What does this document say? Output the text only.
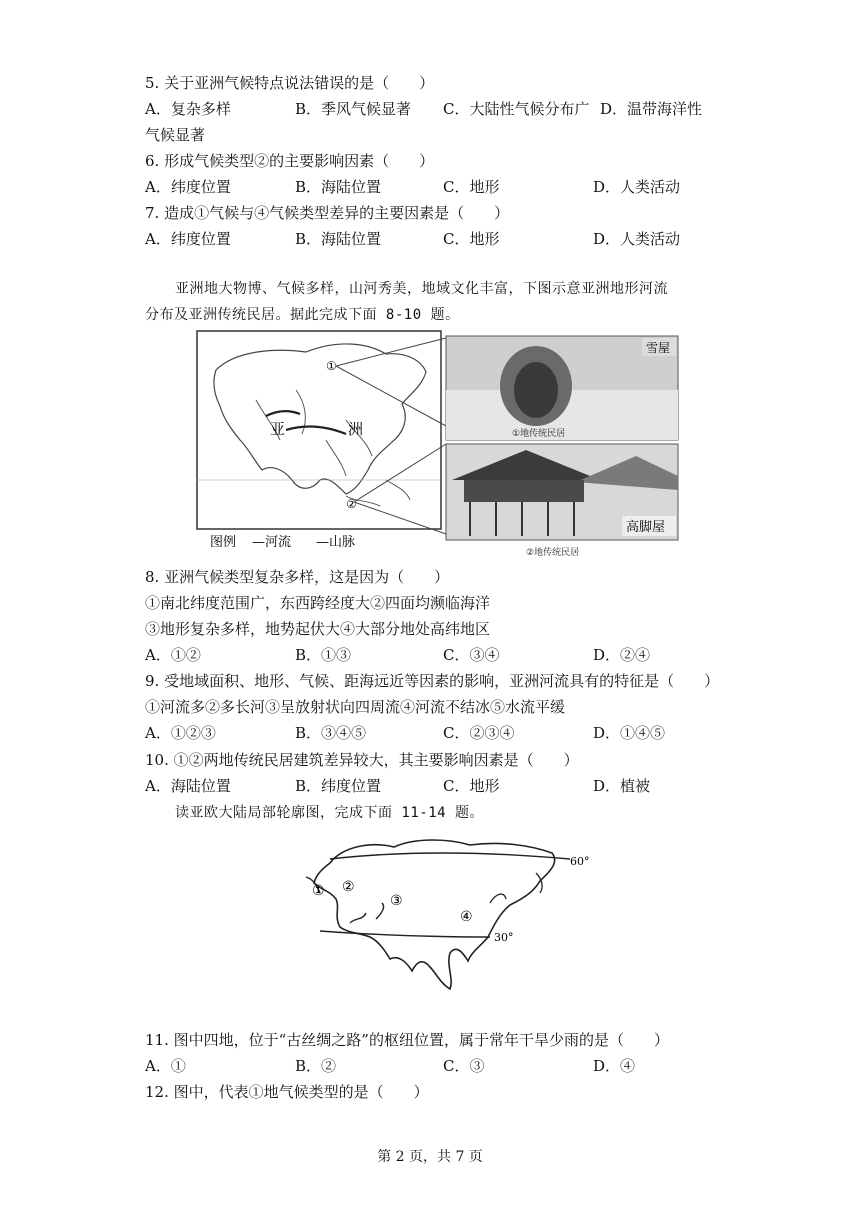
5. 关于亚洲气候特点说法错误的是（　　）
A．复杂多样	B．季风气候显著 C．大陆性气候分布广 D．温带海洋性
气候显著
6. 形成气候类型②的主要影响因素（　　）
A．纬度位置	B．海陆位置	C．地形	D．人类活动
7. 造成①气候与④气候类型差异的主要因素是（　　）
A．纬度位置	B．海陆位置	C．地形	D．人类活动
亚洲地大物博、气候多样，山河秀美，地域文化丰富，下图示意亚洲地形河流
分布及亚洲传统民居。据此完成下面 8-10 题。
亚	洲
①
②
图例 —河流 —山脉
雪屋
①地传统民居
高脚屋
②地传统民居
8. 亚洲气候类型复杂多样，这是因为（　　）
①南北纬度范围广，东西跨经度大②四面均濒临海洋
③地形复杂多样，地势起伏大④大部分地处高纬地区
A．①②	B．①③	C．③④	D．②④
9. 受地域面积、地形、气候、距海远近等因素的影响，亚洲河流具有的特征是（　　）
①河流多②多长河③呈放射状向四周流④河流不结冰⑤水流平缓
A．①②③	B．③④⑤	C．②③④	D．①④⑤
10. ①②两地传统民居建筑差异较大，其主要影响因素是（　　）
A．海陆位置	B．纬度位置	C．地形	D．植被
读亚欧大陆局部轮廓图，完成下面 11-14 题。
60°
30°
① ②
③
④
11. 图中四地，位于“古丝绸之路”的枢纽位置，属于常年干旱少雨的是（　　）
A．①	B．②	C．③	D．④
12. 图中，代表①地气候类型的是（　　）
第 2 页，共 7 页
